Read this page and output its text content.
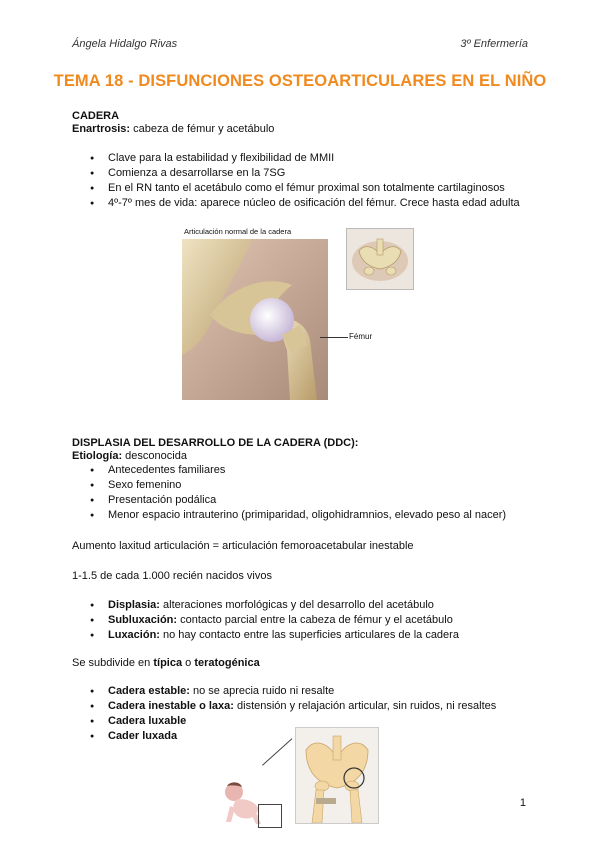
Ángela Hidalgo Rivas	3º Enfermería
TEMA 18 - DISFUNCIONES OSTEOARTICULARES EN EL NIÑO
CADERA
Enartrosis: cabeza de fémur y acetábulo
● Clave para la estabilidad y flexibilidad de MMII
● Comienza a desarrollarse en la 7SG
● En el RN tanto el acetábulo como el fémur proximal son totalmente cartilaginosos
● 4º-7º mes de vida: aparece núcleo de osificación del fémur. Crece hasta edad adulta
Articulación normal de la cadera
Fémur
DISPLASIA DEL DESARROLLO DE LA CADERA (DDC):
Etiología: desconocida
● Antecedentes familiares
● Sexo femenino
● Presentación podálica
● Menor espacio intrauterino (primiparidad, oligohidramnios, elevado peso al nacer)
Aumento laxitud articulación = articulación femoroacetabular inestable
1-1.5 de cada 1.000 recién nacidos vivos
● Displasia: alteraciones morfológicas y del desarrollo del acetábulo
● Subluxación: contacto parcial entre la cabeza de fémur y el acetábulo
● Luxación: no hay contacto entre las superficies articulares de la cadera
Se subdivide en típica o teratogénica
● Cadera estable: no se aprecia ruido ni resalte
● Cadera inestable o laxa: distensión y relajación articular, sin ruidos, ni resaltes
● Cadera luxable
● Cader luxada
1
